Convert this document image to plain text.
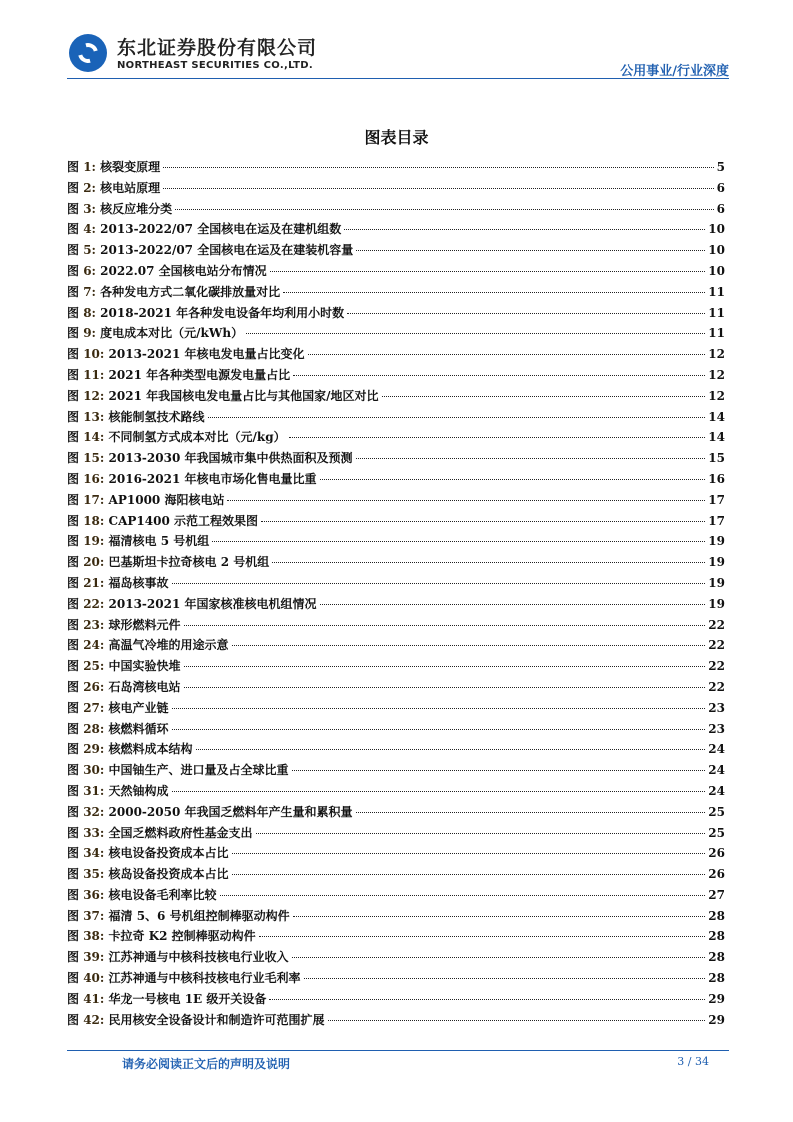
东北证券股份有限公司
NORTHEAST SECURITIES CO.,LTD.	公用事业/行业深度
图表目录
图 1: 核裂变原理	5
图 2: 核电站原理	6
图 3: 核反应堆分类	6
图 4: 2013-2022/07 全国核电在运及在建机组数	10
图 5: 2013-2022/07 全国核电在运及在建装机容量	10
图 6: 2022.07 全国核电站分布情况	10
图 7: 各种发电方式二氧化碳排放量对比	11
图 8: 2018-2021 年各种发电设备年均利用小时数	11
图 9: 度电成本对比（元/kWh）	11
图 10: 2013-2021 年核电发电量占比变化	12
图 11: 2021 年各种类型电源发电量占比	12
图 12: 2021 年我国核电发电量占比与其他国家/地区对比	12
图 13: 核能制氢技术路线	14
图 14: 不同制氢方式成本对比（元/kg）	14
图 15: 2013-2030 年我国城市集中供热面积及预测	15
图 16: 2016-2021 年核电市场化售电量比重	16
图 17: AP1000 海阳核电站	17
图 18: CAP1400 示范工程效果图	17
图 19: 福清核电 5 号机组	19
图 20: 巴基斯坦卡拉奇核电 2 号机组	19
图 21: 福岛核事故	19
图 22: 2013-2021 年国家核准核电机组情况	19
图 23: 球形燃料元件	22
图 24: 高温气冷堆的用途示意	22
图 25: 中国实验快堆	22
图 26: 石岛湾核电站	22
图 27: 核电产业链	23
图 28: 核燃料循环	23
图 29: 核燃料成本结构	24
图 30: 中国铀生产、进口量及占全球比重	24
图 31: 天然铀构成	24
图 32: 2000-2050 年我国乏燃料年产生量和累积量	25
图 33: 全国乏燃料政府性基金支出	25
图 34: 核电设备投资成本占比	26
图 35: 核岛设备投资成本占比	26
图 36: 核电设备毛利率比较	27
图 37: 福清 5、6 号机组控制棒驱动构件	28
图 38: 卡拉奇 K2 控制棒驱动构件	28
图 39: 江苏神通与中核科技核电行业收入	28
图 40: 江苏神通与中核科技核电行业毛利率	28
图 41: 华龙一号核电 1E 级开关设备	29
图 42: 民用核安全设备设计和制造许可范围扩展	29
请务必阅读正文后的声明及说明	3 / 34
